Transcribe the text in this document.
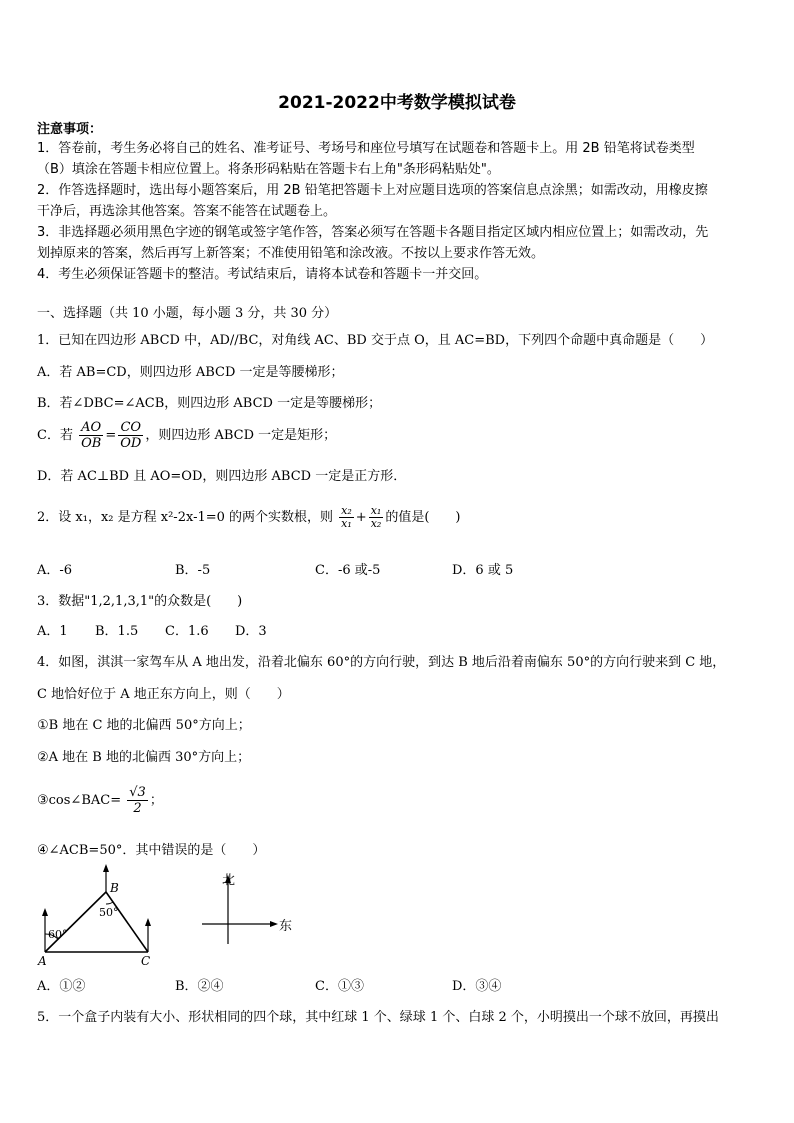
2021-2022中考数学模拟试卷
注意事项：
1．答卷前，考生务必将自己的姓名、准考证号、考场号和座位号填写在试题卷和答题卡上。用 2B 铅笔将试卷类型
（B）填涂在答题卡相应位置上。将条形码粘贴在答题卡右上角"条形码粘贴处"。
2．作答选择题时，选出每小题答案后，用 2B 铅笔把答题卡上对应题目选项的答案信息点涂黑；如需改动，用橡皮擦
干净后，再选涂其他答案。答案不能答在试题卷上。
3．非选择题必须用黑色字迹的钢笔或签字笔作答，答案必须写在答题卡各题目指定区域内相应位置上；如需改动，先
划掉原来的答案，然后再写上新答案；不准使用铅笔和涂改液。不按以上要求作答无效。
4．考生必须保证答题卡的整洁。考试结束后，请将本试卷和答题卡一并交回。
一、选择题（共 10 小题，每小题 3 分，共 30 分）
1．已知在四边形 ABCD 中，AD//BC，对角线 AC、BD 交于点 O，且 AC=BD，下列四个命题中真命题是（　　）
A．若 AB=CD，则四边形 ABCD 一定是等腰梯形；
B．若∠DBC=∠ACB，则四边形 ABCD 一定是等腰梯形；
C．若 $\frac{AO}{OB} = \frac{CO}{OD}$ ，则四边形 ABCD 一定是矩形；
D．若 AC⊥BD 且 AO=OD，则四边形 ABCD 一定是正方形．
2．设 x₁，x₂ 是方程 x²-2x-1=0 的两个实数根，则 $\frac{\text{x₂}}{\text{x₁}} + \frac{\text{x₁}}{\text{x₂}}$ 的值是(　　)
A．-6	B．-5	C．-6 或-5	D．6 或 5
3．数据"1,2,1,3,1"的众数是(　　)
A．1 B．1.5 C．1.6 D．3
4．如图，淇淇一家驾车从 A 地出发，沿着北偏东 60°的方向行驶，到达 B 地后沿着南偏东 50°的方向行驶来到 C 地，
C 地恰好位于 A 地正东方向上，则（　　）
①B 地在 C 地的北偏西 50°方向上；
②A 地在 B 地的北偏西 30°方向上；
③cos∠BAC= $\frac{√3}{2}$ ；
④∠ACB=50°．其中错误的是（　　）
60°
50°
A
B
C
北
东
A．①②	B．②④	C．①③	D．③④
5．一个盒子内装有大小、形状相同的四个球，其中红球 1 个、绿球 1 个、白球 2 个，小明摸出一个球不放回，再摸出
